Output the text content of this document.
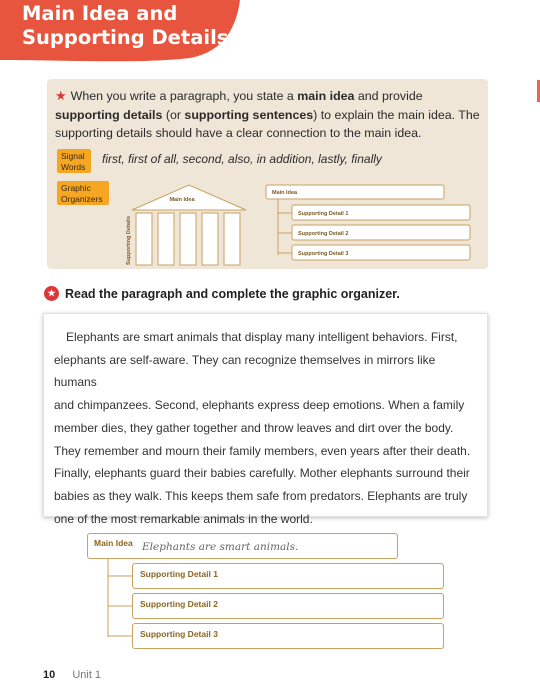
Main Idea and
Supporting Details

★ When you write a paragraph, you state a main idea and provide supporting details (or supporting sentences) to explain the main idea. The supporting details should have a clear connection to the main idea.

Signal Words
first, first of all, second, also, in addition, lastly, finally
Graphic Organizers	Main Idea
Supporting Details
Main Idea
Supporting Detail 1
Supporting Detail 2
Supporting Detail 3
★ Read the paragraph and complete the graphic organizer.

Elephants are smart animals that display many intelligent behaviors. First,
elephants are self-aware. They can recognize themselves in mirrors like humans
and chimpanzees. Second, elephants express deep emotions. When a family
member dies, they gather together and throw leaves and dirt over the body.
They remember and mourn their family members, even years after their death.
Finally, elephants guard their babies carefully. Mother elephants surround their
babies as they walk. This keeps them safe from predators. Elephants are truly
one of the most remarkable animals in the world.

Main Idea Elephants are smart animals.
Supporting Detail 1
Supporting Detail 2
Supporting Detail 3
10 Unit 1
